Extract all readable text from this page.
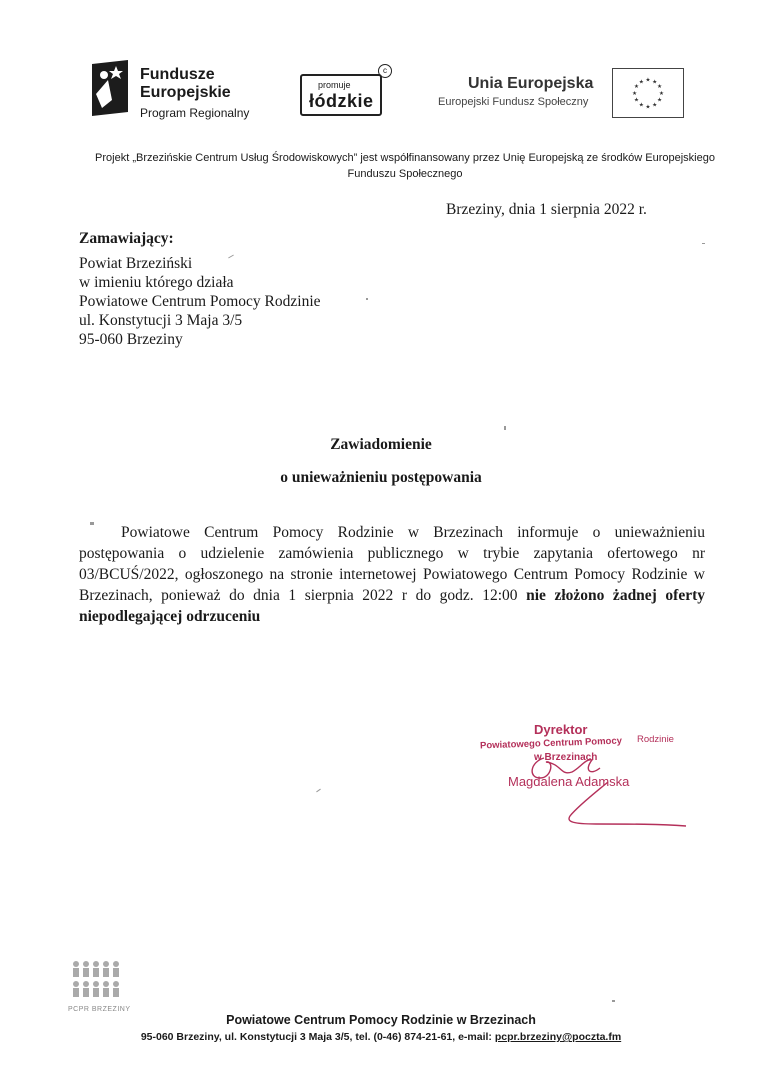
Fundusze
Europejskie
Program Regionalny
promuje
łódzkie
c
Unia Europejska
Europejski Fundusz Społeczny
★ ★
★
★
★
★
★
★
★
★
★
★
Projekt „Brzezińskie Centrum Usług Środowiskowych” jest współfinansowany przez Unię Europejską ze środków Europejskiego
Funduszu Społecznego
Brzeziny, dnia 1 sierpnia 2022 r.
Zamawiający:
Powiat Brzeziński
w imieniu którego działa
Powiatowe Centrum Pomocy Rodzinie
ul. Konstytucji 3 Maja 3/5
95-060 Brzeziny
Zawiadomienie
o unieważnieniu postępowania
Powiatowe Centrum Pomocy Rodzinie w Brzezinach informuje o unieważnieniu postępowania o udzielenie zamówienia publicznego w trybie zapytania ofertowego nr 03/BCUŚ/2022, ogłoszonego na stronie internetowej Powiatowego Centrum Pomocy Rodzinie w Brzezinach, ponieważ do dnia 1 sierpnia 2022 r do godz. 12:00 nie złożono żadnej oferty niepodlegającej odrzuceniu
Dyrektor
Powiatowego Centrum Pomocy Rodzinie
w Brzezinach
Magdalena Adamska
PCPR BRZEZINY
Powiatowe Centrum Pomocy Rodzinie w Brzezinach
95-060 Brzeziny, ul. Konstytucji 3 Maja 3/5, tel. (0-46) 874-21-61, e-mail: pcpr.brzeziny@poczta.fm
